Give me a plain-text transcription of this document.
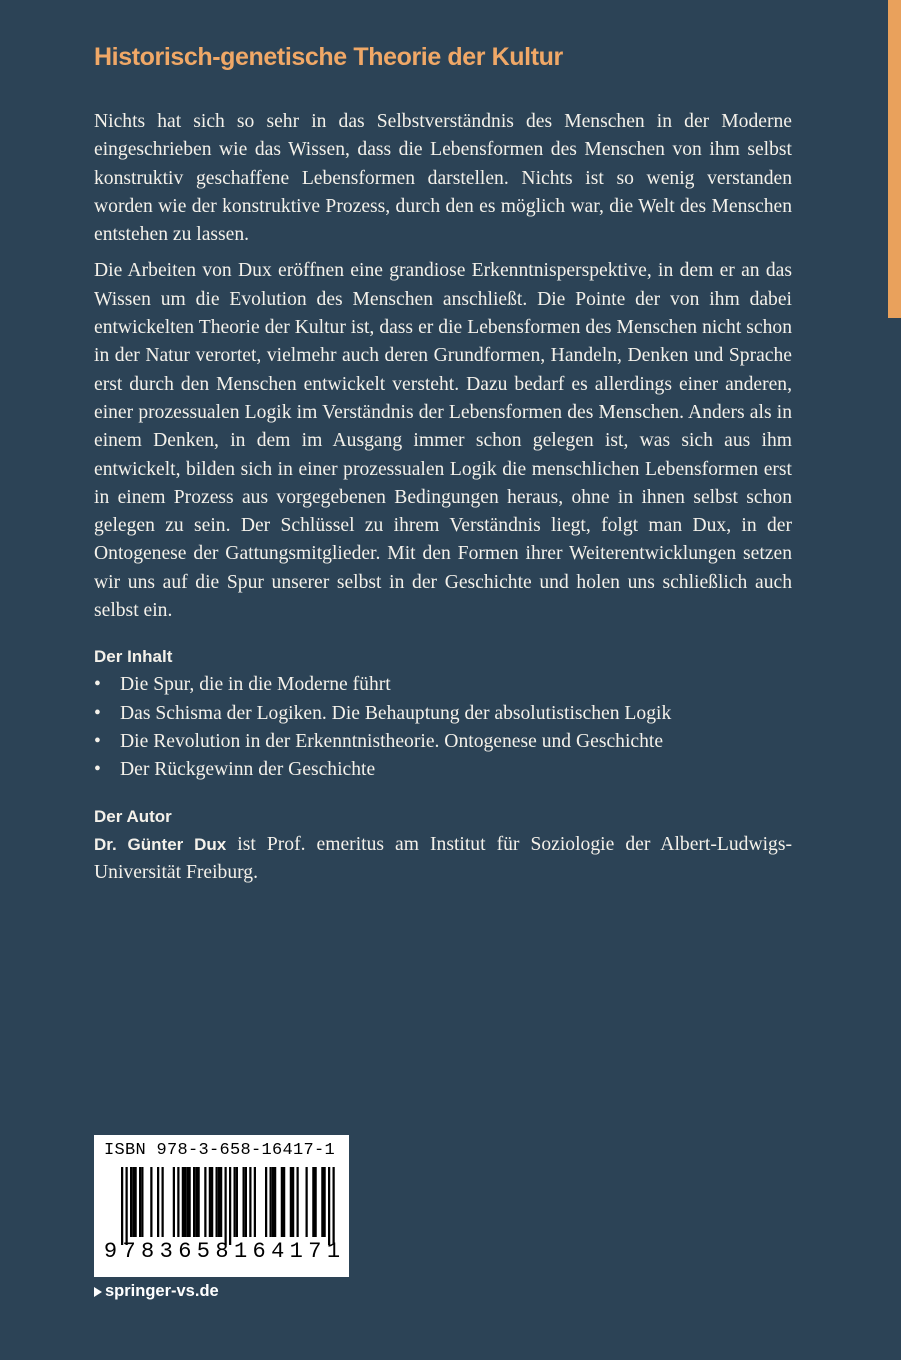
Historisch-genetische Theorie der Kultur

Nichts hat sich so sehr in das Selbstverständnis des Menschen in der Moderne eingeschrieben wie das Wissen, dass die Lebensformen des Menschen von ihm selbst konstruktiv geschaffene Lebensformen darstellen. Nichts ist so wenig verstanden worden wie der konstruktive Prozess, durch den es möglich war, die Welt des Menschen entstehen zu lassen.

Die Arbeiten von Dux eröffnen eine grandiose Erkenntnisperspektive, in dem er an das Wissen um die Evolution des Menschen anschließt. Die Pointe der von ihm dabei entwickelten Theorie der Kultur ist, dass er die Lebensformen des Menschen nicht schon in der Natur verortet, vielmehr auch deren Grundformen, Handeln, Denken und Sprache erst durch den Menschen entwickelt versteht. Dazu bedarf es allerdings einer anderen, einer prozessualen Logik im Verständnis der Lebensformen des Menschen. Anders als in einem Denken, in dem im Ausgang immer schon gelegen ist, was sich aus ihm entwickelt, bilden sich in einer prozessualen Logik die menschlichen Lebensformen erst in einem Prozess aus vorgegebenen Bedingungen heraus, ohne in ihnen selbst schon gelegen zu sein. Der Schlüssel zu ihrem Verständnis liegt, folgt man Dux, in der Ontogenese der Gattungsmitglieder. Mit den Formen ihrer Weiterentwicklungen setzen wir uns auf die Spur unserer selbst in der Geschichte und holen uns schließlich auch selbst ein.

Der Inhalt
• Die Spur, die in die Moderne führt
• Das Schisma der Logiken. Die Behauptung der absolutistischen Logik
• Die Revolution in der Erkenntnistheorie. Ontogenese und Geschichte
• Der Rückgewinn der Geschichte
Der Autor

Dr. Günter Dux ist Prof. emeritus am Institut für Soziologie der Albert-Ludwigs-Universität Freiburg.

ISBN 978-3-658-16417-1
9 7 8 3 6 5 8 1 6 4 1 7 1
springer-vs.de
